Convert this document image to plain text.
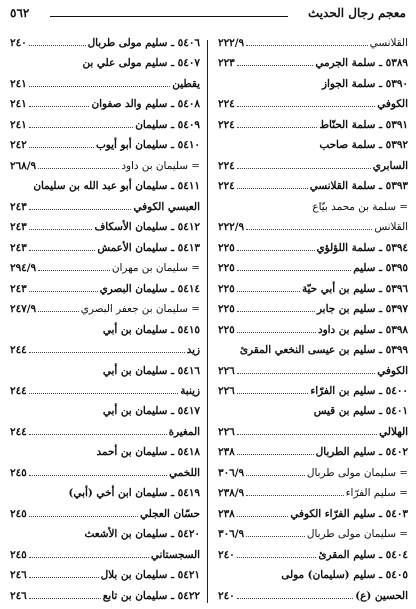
معجم رجال الحديث
٥٦٢
القلانسي
٢٢٢/٩
٥٣٨٩ ـ سلمة الجرمي
٢٢٣
٥٣٩٠ ـ سلمة الجواز
الكوفي
٢٢٤
٥٣٩١ ـ سلمة الحنّاط
٢٢٤
٥٣٩٢ ـ سلمة صاحب
السابري
٢٢٤
٥٣٩٣ ـ سلمة القلانسي
٢٢٤
= سلمة بن محمد بيّاع
القلانس
٢٢٢/٩
٥٣٩٤ ـ سلمة اللؤلؤي
٢٢٥
٥٣٩٥ ـ سليم
٢٢٥
٥٣٩٦ ـ سليم بن أبي حيّة
٢٢٥
٥٣٩٧ ـ سليم بن جابر
٢٢٥
٥٣٩٨ ـ سليم بن داود
٢٢٥
٥٣٩٩ ـ سليم بن عيسى النخعي المقرئ
الكوفي
٢٢٦
٥٤٠٠ ـ سليم بن الفرّاء
٢٢٦
٥٤٠١ ـ سليم بن قيس
الهلالي
٢٢٦
٥٤٠٢ ـ سليم الطربال
٢٣٨
= سليمان مولى طربال
٣٠٦/٩
= سليم الفرّاء
٢٣٨/٩
٥٤٠٣ ـ سليم الفرّاء الكوفي
٢٣٨
= سليمان مولى طربال
٣٠٦/٩
٥٤٠٤ ـ سليم المقرئ
٢٤٠
٥٤٠٥ ـ سليم (سليمان) مولى
الحسين (ع)
٢٤٠
٥٤٠٦ ـ سليم مولى طربال
٢٤٠
٥٤٠٧ ـ سليم مولى علي بن
يقطين
٢٤١
٥٤٠٨ ـ سليم والد صفوان
٢٤١
٥٤٠٩ ـ سليمان
٢٤١
٥٤١٠ ـ سليمان أبو أيوب
٢٤٢
= سليمان بن داود
٢٦٨/٩
٥٤١١ ـ سليمان أبو عبد الله بن سليمان
العبسي الكوفي
٢٤٣
٥٤١٢ ـ سليمان الأسكاف
٢٤٣
٥٤١٣ ـ سليمان الأعمش
٢٤٣
= سليمان بن مهران
٢٩٤/٩
٥٤١٤ ـ سليمان البصري
٢٤٣
= سليمان بن جعفر البصري
٢٤٧/٩
٥٤١٥ ـ سليمان بن أبي
زيد
٢٤٤
٥٤١٦ ـ سليمان بن أبي
زينبة
٢٤٤
٥٤١٧ ـ سليمان بن أبي
المغيرة
٢٤٤
٥٤١٨ ـ سليمان بن أحمد
اللخمي
٢٤٥
٥٤١٩ ـ سليمان ابن أخي (أبي)
حسّان العجلي
٢٤٥
٥٤٢٠ ـ سليمان بن الأشعث
السجستاني
٢٤٥
٥٤٢١ ـ سليمان بن بلال
٢٤٦
٥٤٢٢ ـ سليمان بن تابع
٢٤٦
